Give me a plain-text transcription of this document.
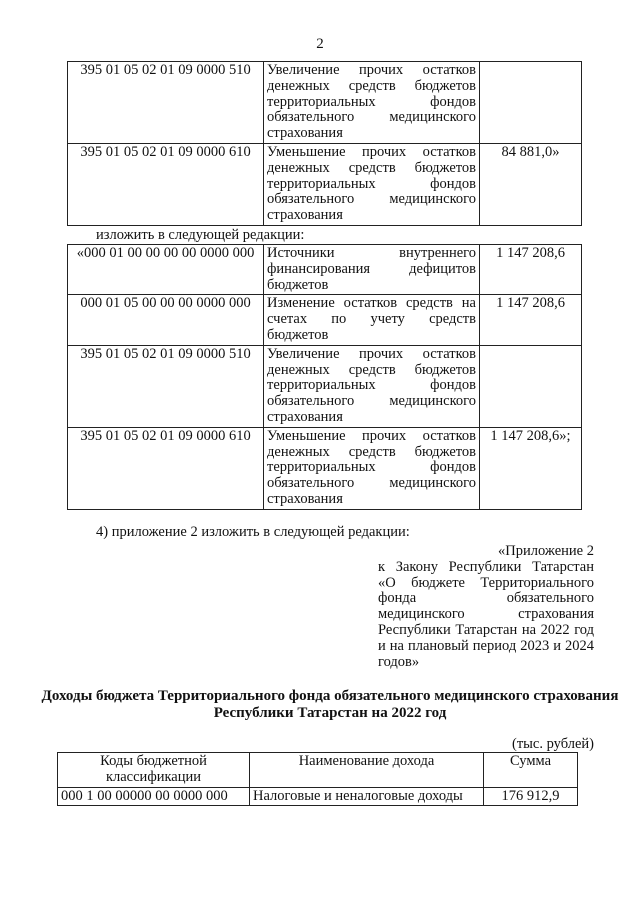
2
395 01 05 02 01 09 0000 510	Увеличение прочих остатков денежных средств бюджетов территориальных фондов обязательного медицинского страхования	
395 01 05 02 01 09 0000 610	Уменьшение прочих остатков денежных средств бюджетов территориальных фондов обязательного медицинского страхования	84 881,0»
изложить в следующей редакции:
«000 01 00 00 00 00 0000 000	Источники внутреннего финансирования дефицитов бюджетов	1 147 208,6
000 01 05 00 00 00 0000 000	Изменение остатков средств на счетах по учету средств бюджетов	1 147 208,6
395 01 05 02 01 09 0000 510	Увеличение прочих остатков денежных средств бюджетов территориальных фондов обязательного медицинского страхования	
395 01 05 02 01 09 0000 610	Уменьшение прочих остатков денежных средств бюджетов территориальных фондов обязательного медицинского страхования	1 147 208,6»;
4) приложение 2 изложить в следующей редакции:
«Приложение 2
к Закону Республики Татарстан «О бюджете Территориального фонда обязательного медицинского страхования Республики Татарстан на 2022 год и на плановый период 2023 и 2024 годов»
Доходы бюджета Территориального фонда обязательного медицинского страхования Республики Татарстан на 2022 год
(тыс. рублей)
Коды бюджетной классификации	Наименование дохода	Сумма
000 1 00 00000 00 0000 000	Налоговые и неналоговые доходы	176 912,9
